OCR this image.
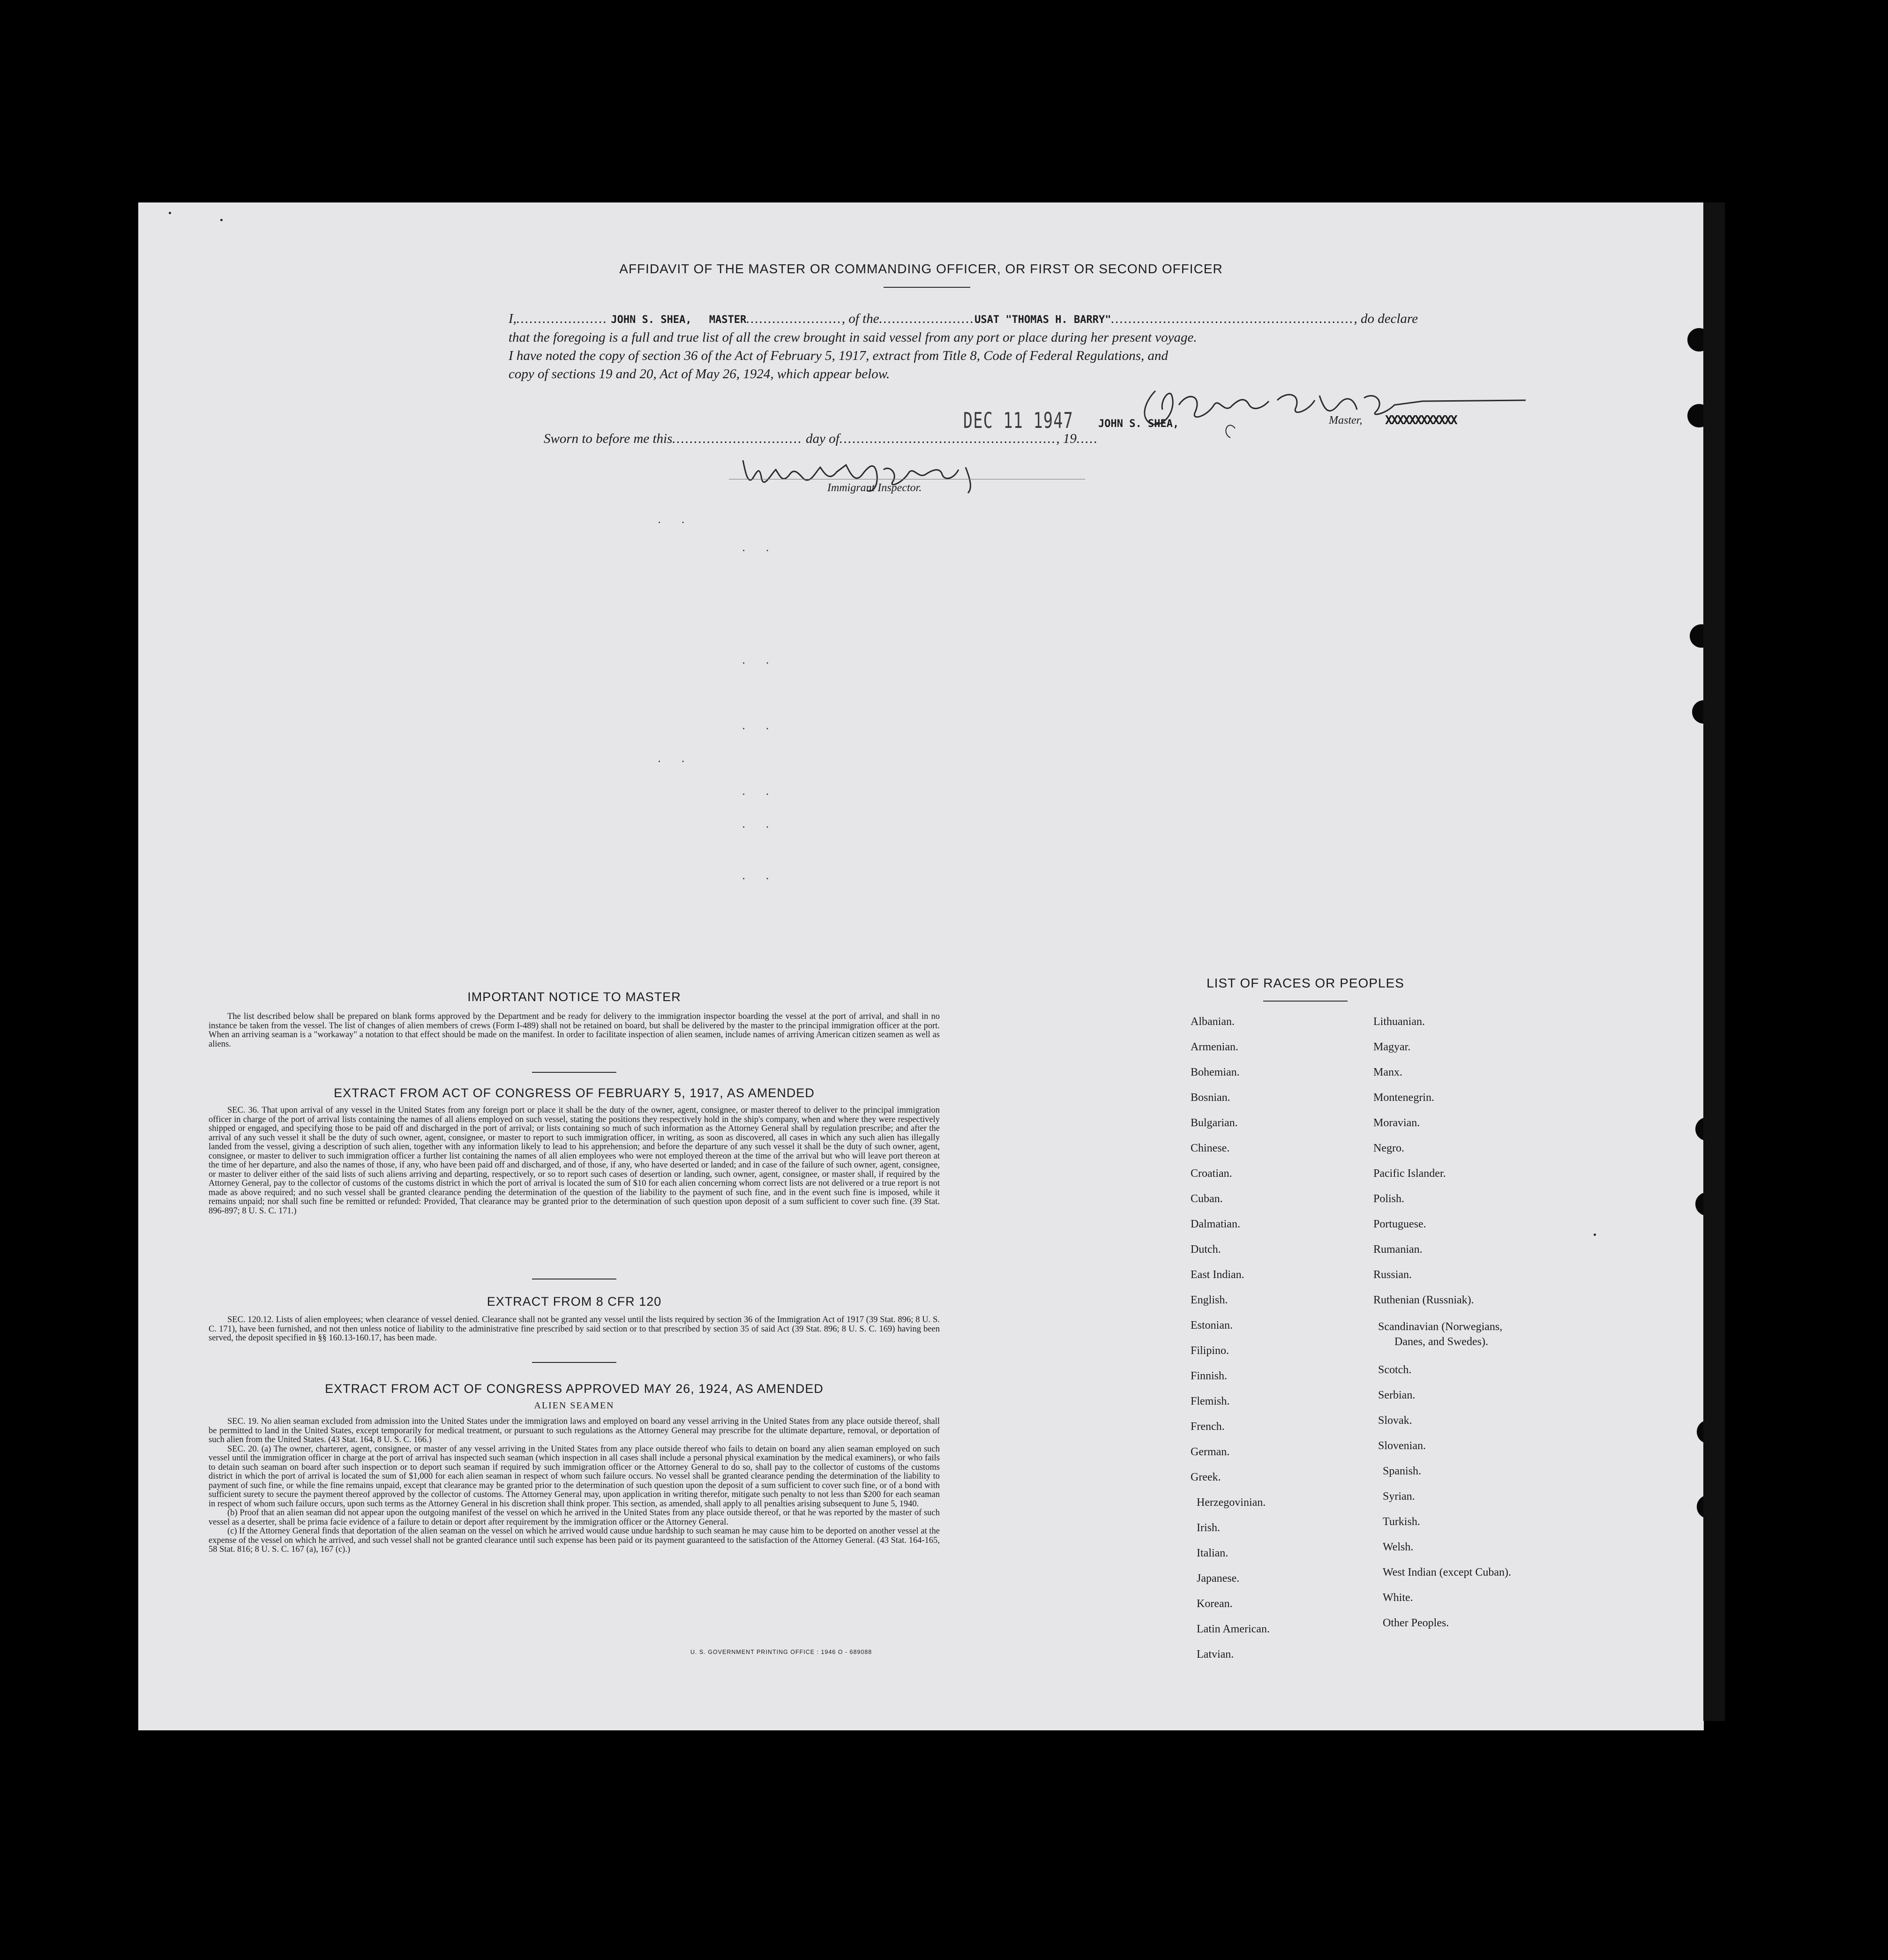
AFFIDAVIT OF THE MASTER OR COMMANDING OFFICER, OR FIRST OR SECOND OFFICER
I,..................... JOHN S. SHEA, MASTER......................, of the......................USAT "THOMAS H. BARRY"........................................................, do declare
that the foregoing is a full and true list of all the crew brought in said vessel from any port or place during her present voyage.
I have noted the copy of section 36 of the Act of February 5, 1917, extract from Title 8, Code of Federal Regulations, and
copy of sections 19 and 20, Act of May 26, 1924, which appear below.
DEC 11 1947 JOHN S. SHEA,	Master, XXXXXXXXXXXX
Sworn to before me this.............................. day of.................................................., 19.....
Immigrant Inspector.
. .
. .
. .
. .
. .
. .
. .
. .
IMPORTANT NOTICE TO MASTER

The list described below shall be prepared on blank forms approved by the Department and be ready for delivery to the immigration inspector boarding the vessel at the port of arrival, and shall in no instance be taken from the vessel. The list of changes of alien members of crews (Form I-489) shall not be retained on board, but shall be delivered by the master to the principal immigration officer at the port. When an arriving seaman is a "workaway" a notation to that effect should be made on the manifest. In order to facilitate inspection of alien seamen, include names of arriving American citizen seamen as well as aliens.

EXTRACT FROM ACT OF CONGRESS OF FEBRUARY 5, 1917, AS AMENDED

SEC. 36. That upon arrival of any vessel in the United States from any foreign port or place it shall be the duty of the owner, agent, consignee, or master thereof to deliver to the principal immigration officer in charge of the port of arrival lists containing the names of all aliens employed on such vessel, stating the positions they respectively hold in the ship's company, when and where they were respectively shipped or engaged, and specifying those to be paid off and discharged in the port of arrival; or lists containing so much of such information as the Attorney General shall by regulation prescribe; and after the arrival of any such vessel it shall be the duty of such owner, agent, consignee, or master to report to such immigration officer, in writing, as soon as discovered, all cases in which any such alien has illegally landed from the vessel, giving a description of such alien, together with any information likely to lead to his apprehension; and before the departure of any such vessel it shall be the duty of such owner, agent, consignee, or master to deliver to such immigration officer a further list containing the names of all alien employees who were not employed thereon at the time of the arrival but who will leave port thereon at the time of her departure, and also the names of those, if any, who have been paid off and discharged, and of those, if any, who have deserted or landed; and in case of the failure of such owner, agent, consignee, or master to deliver either of the said lists of such aliens arriving and departing, respectively, or so to report such cases of desertion or landing, such owner, agent, consignee, or master shall, if required by the Attorney General, pay to the collector of customs of the customs district in which the port of arrival is located the sum of $10 for each alien concerning whom correct lists are not delivered or a true report is not made as above required; and no such vessel shall be granted clearance pending the determination of the question of the liability to the payment of such fine, and in the event such fine is imposed, while it remains unpaid; nor shall such fine be remitted or refunded: Provided, That clearance may be granted prior to the determination of such question upon deposit of a sum sufficient to cover such fine. (39 Stat. 896-897; 8 U. S. C. 171.)

EXTRACT FROM 8 CFR 120

SEC. 120.12. Lists of alien employees; when clearance of vessel denied. Clearance shall not be granted any vessel until the lists required by section 36 of the Immigration Act of 1917 (39 Stat. 896; 8 U. S. C. 171), have been furnished, and not then unless notice of liability to the administrative fine prescribed by said section or to that prescribed by section 35 of said Act (39 Stat. 896; 8 U. S. C. 169) having been served, the deposit specified in §§ 160.13-160.17, has been made.

EXTRACT FROM ACT OF CONGRESS APPROVED MAY 26, 1924, AS AMENDED
ALIEN SEAMEN

SEC. 19. No alien seaman excluded from admission into the United States under the immigration laws and employed on board any vessel arriving in the United States from any place outside thereof, shall be permitted to land in the United States, except temporarily for medical treatment, or pursuant to such regulations as the Attorney General may prescribe for the ultimate departure, removal, or deportation of such alien from the United States. (43 Stat. 164, 8 U. S. C. 166.)

SEC. 20. (a) The owner, charterer, agent, consignee, or master of any vessel arriving in the United States from any place outside thereof who fails to detain on board any alien seaman employed on such vessel until the immigration officer in charge at the port of arrival has inspected such seaman (which inspection in all cases shall include a personal physical examination by the medical examiners), or who fails to detain such seaman on board after such inspection or to deport such seaman if required by such immigration officer or the Attorney General to do so, shall pay to the collector of customs of the customs district in which the port of arrival is located the sum of $1,000 for each alien seaman in respect of whom such failure occurs. No vessel shall be granted clearance pending the determination of the liability to payment of such fine, or while the fine remains unpaid, except that clearance may be granted prior to the determination of such question upon the deposit of a sum sufficient to cover such fine, or of a bond with sufficient surety to secure the payment thereof approved by the collector of customs. The Attorney General may, upon application in writing therefor, mitigate such penalty to not less than $200 for each seaman in respect of whom such failure occurs, upon such terms as the Attorney General in his discretion shall think proper. This section, as amended, shall apply to all penalties arising subsequent to June 5, 1940.

(b) Proof that an alien seaman did not appear upon the outgoing manifest of the vessel on which he arrived in the United States from any place outside thereof, or that he was reported by the master of such vessel as a deserter, shall be prima facie evidence of a failure to detain or deport after requirement by the immigration officer or the Attorney General.

(c) If the Attorney General finds that deportation of the alien seaman on the vessel on which he arrived would cause undue hardship to such seaman he may cause him to be deported on another vessel at the expense of the vessel on which he arrived, and such vessel shall not be granted clearance until such expense has been paid or its payment guaranteed to the satisfaction of the Attorney General. (43 Stat. 164-165, 58 Stat. 816; 8 U. S. C. 167 (a), 167 (c).)

U. S. GOVERNMENT PRINTING OFFICE : 1946 O - 689088
LIST OF RACES OR PEOPLES
Albanian.
Armenian.
Bohemian.
Bosnian.
Bulgarian.
Chinese.
Croatian.
Cuban.
Dalmatian.
Dutch.
East Indian.
English.
Estonian.
Filipino.
Finnish.
Flemish.
French.
German.
Greek.
Herzegovinian.
Irish.
Italian.
Japanese.
Korean.
Latin American.
Latvian.
Lithuanian.
Magyar.
Manx.
Montenegrin.
Moravian.
Negro.
Pacific Islander.
Polish.
Portuguese.
Rumanian.
Russian.
Ruthenian (Russniak).
Scandinavian (Norwegians,
Danes, and Swedes).
Scotch.
Serbian.
Slovak.
Slovenian.
Spanish.
Syrian.
Turkish.
Welsh.
West Indian (except Cuban).
White.
Other Peoples.
